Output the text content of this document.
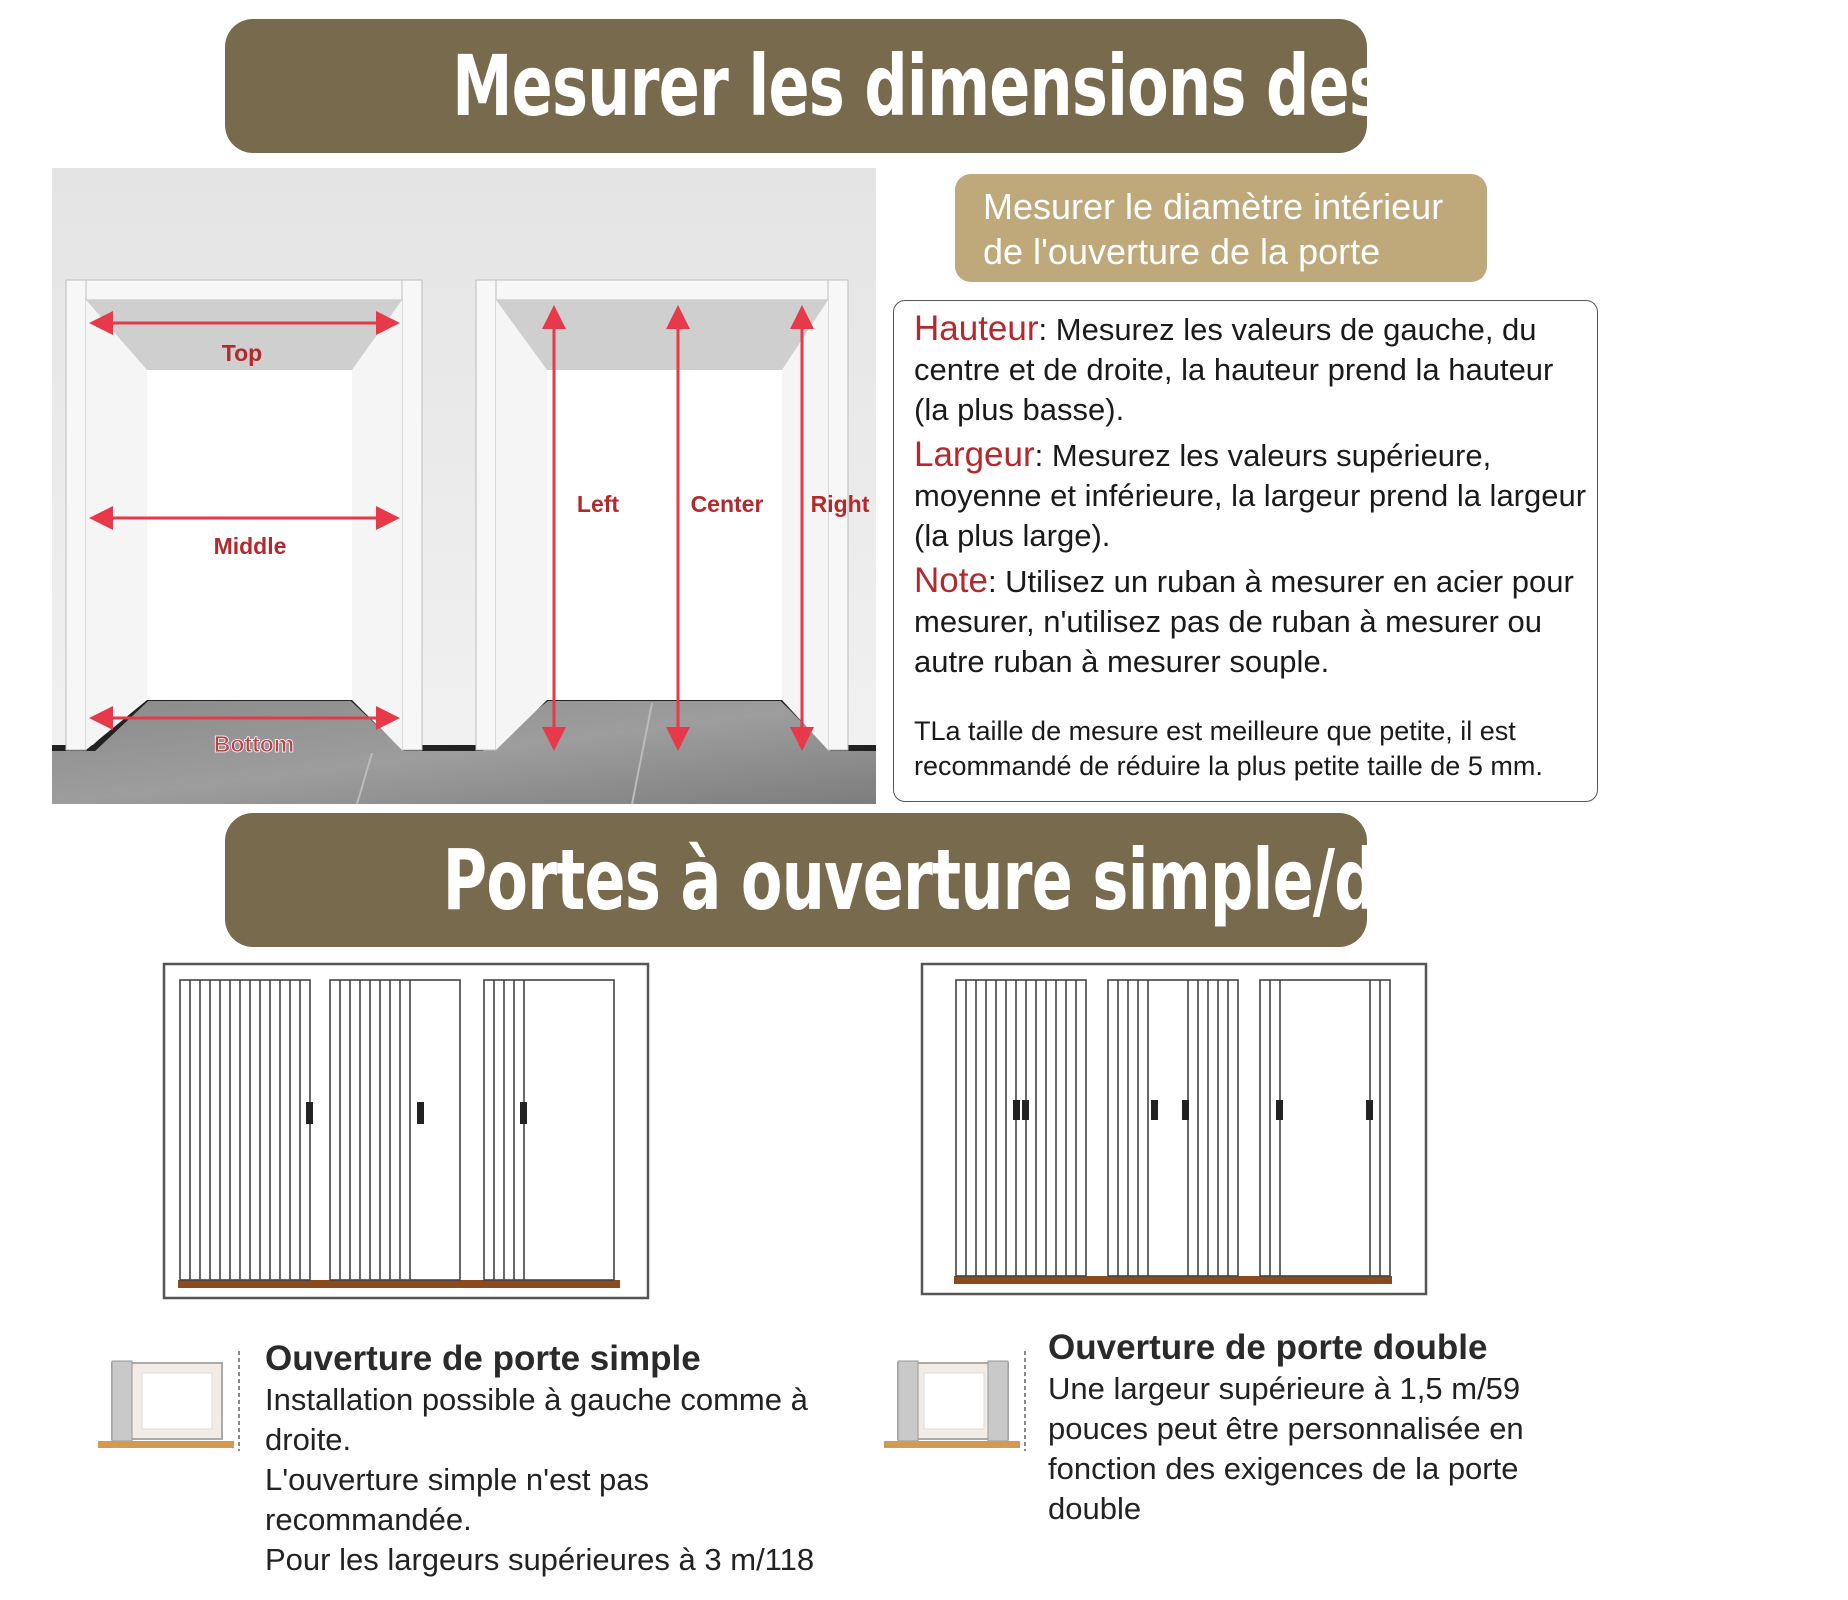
Mesurer les dimensions des portes
Top
Middle
Bottom
Left	Center Right
Mesurer le diamètre intérieur
de l'ouverture de la porte

Hauteur: Mesurez les valeurs de gauche, du centre et de droite, la hauteur prend la hauteur (la plus basse).

Largeur: Mesurez les valeurs supérieure, moyenne et inférieure, la largeur prend la largeur (la plus large).

Note: Utilisez un ruban à mesurer en acier pour mesurer, n'utilisez pas de ruban à mesurer ou autre ruban à mesurer souple.

TLa taille de mesure est meilleure que petite, il est recommandé de réduire la plus petite taille de 5 mm.

Portes à ouverture simple/double
Ouverture de porte simple

Installation possible à gauche comme à droite.

L'ouverture simple n'est pas recommandée.

Pour les largeurs supérieures à 3 m/118

Ouverture de porte double

Une largeur supérieure à 1,5 m/59 pouces peut être personnalisée en fonction des exigences de la porte double
